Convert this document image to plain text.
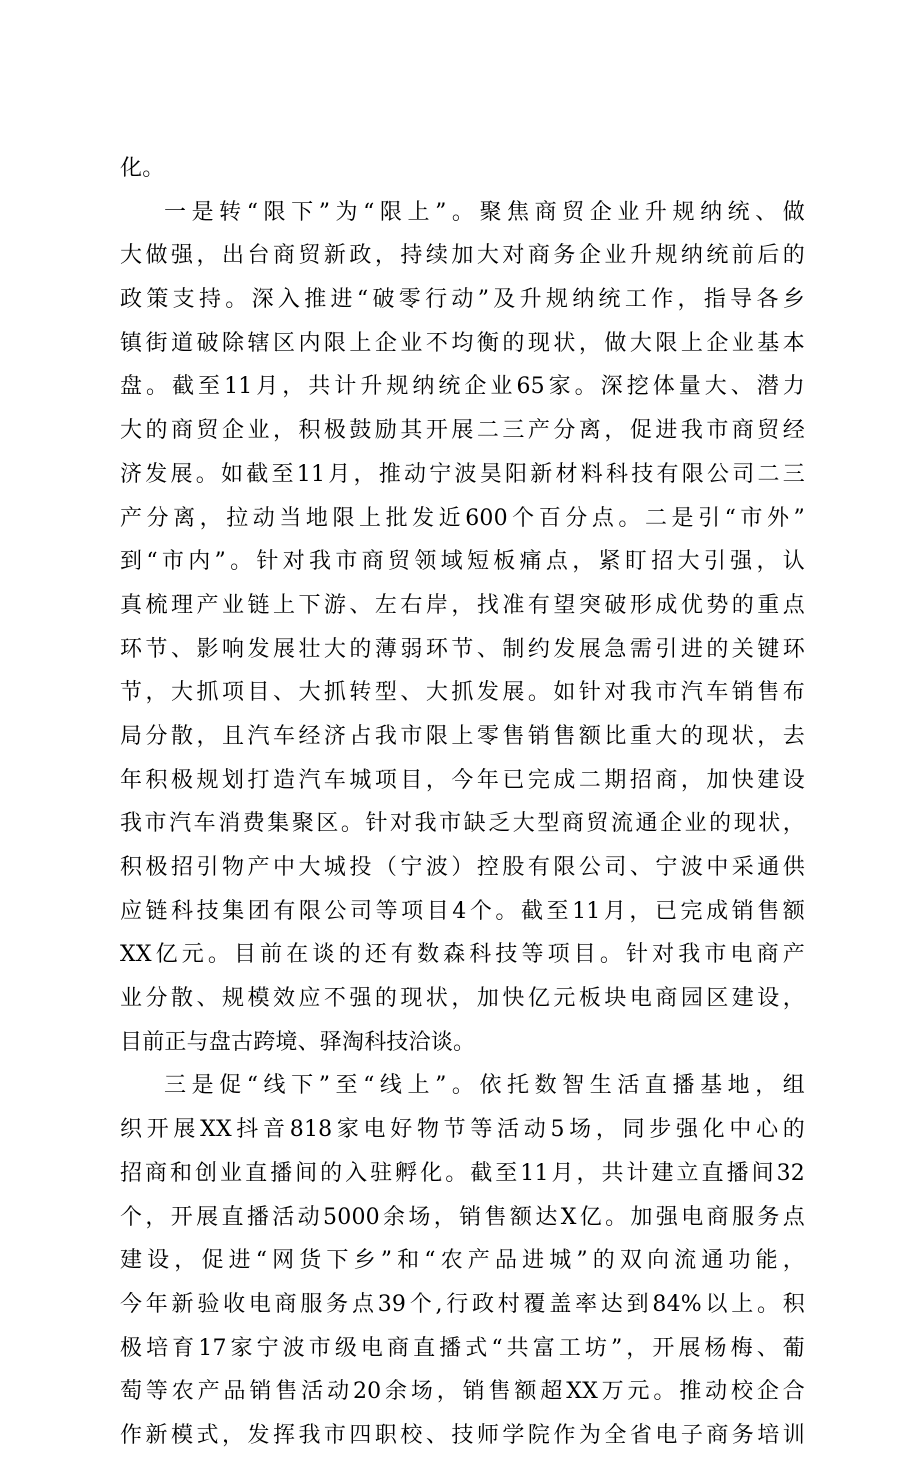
化。
一是转“限下”为“限上”。聚焦商贸企业升规纳统、做
大做强，出台商贸新政，持续加大对商务企业升规纳统前后的
政策支持。深入推进“破零行动”及升规纳统工作，指导各乡
镇街道破除辖区内限上企业不均衡的现状，做大限上企业基本
盘。截至11月，共计升规纳统企业65家。深挖体量大、潜力
大的商贸企业，积极鼓励其开展二三产分离，促进我市商贸经
济发展。如截至11月，推动宁波昊阳新材料科技有限公司二三
产分离，拉动当地限上批发近600个百分点。二是引“市外”
到“市内”。针对我市商贸领域短板痛点，紧盯招大引强，认
真梳理产业链上下游、左右岸，找准有望突破形成优势的重点
环节、影响发展壮大的薄弱环节、制约发展急需引进的关键环
节，大抓项目、大抓转型、大抓发展。如针对我市汽车销售布
局分散，且汽车经济占我市限上零售销售额比重大的现状，去
年积极规划打造汽车城项目，今年已完成二期招商，加快建设
我市汽车消费集聚区。针对我市缺乏大型商贸流通企业的现状，
积极招引物产中大城投（宁波）控股有限公司、宁波中采通供
应链科技集团有限公司等项目4个。截至11月，已完成销售额
XX亿元。目前在谈的还有数森科技等项目。针对我市电商产
业分散、规模效应不强的现状，加快亿元板块电商园区建设，
目前正与盘古跨境、驿淘科技洽谈。
三是促“线下”至“线上”。依托数智生活直播基地，组
织开展XX抖音818家电好物节等活动5场，同步强化中心的
招商和创业直播间的入驻孵化。截至11月，共计建立直播间32
个，开展直播活动5000余场，销售额达X亿。加强电商服务点
建设，促进“网货下乡”和“农产品进城”的双向流通功能，
今年新验收电商服务点39个,行政村覆盖率达到84%以上。积
极培育17家宁波市级电商直播式“共富工坊”，开展杨梅、葡
萄等农产品销售活动20余场，销售额超XX万元。推动校企合
作新模式，发挥我市四职校、技师学院作为全省电子商务培训
